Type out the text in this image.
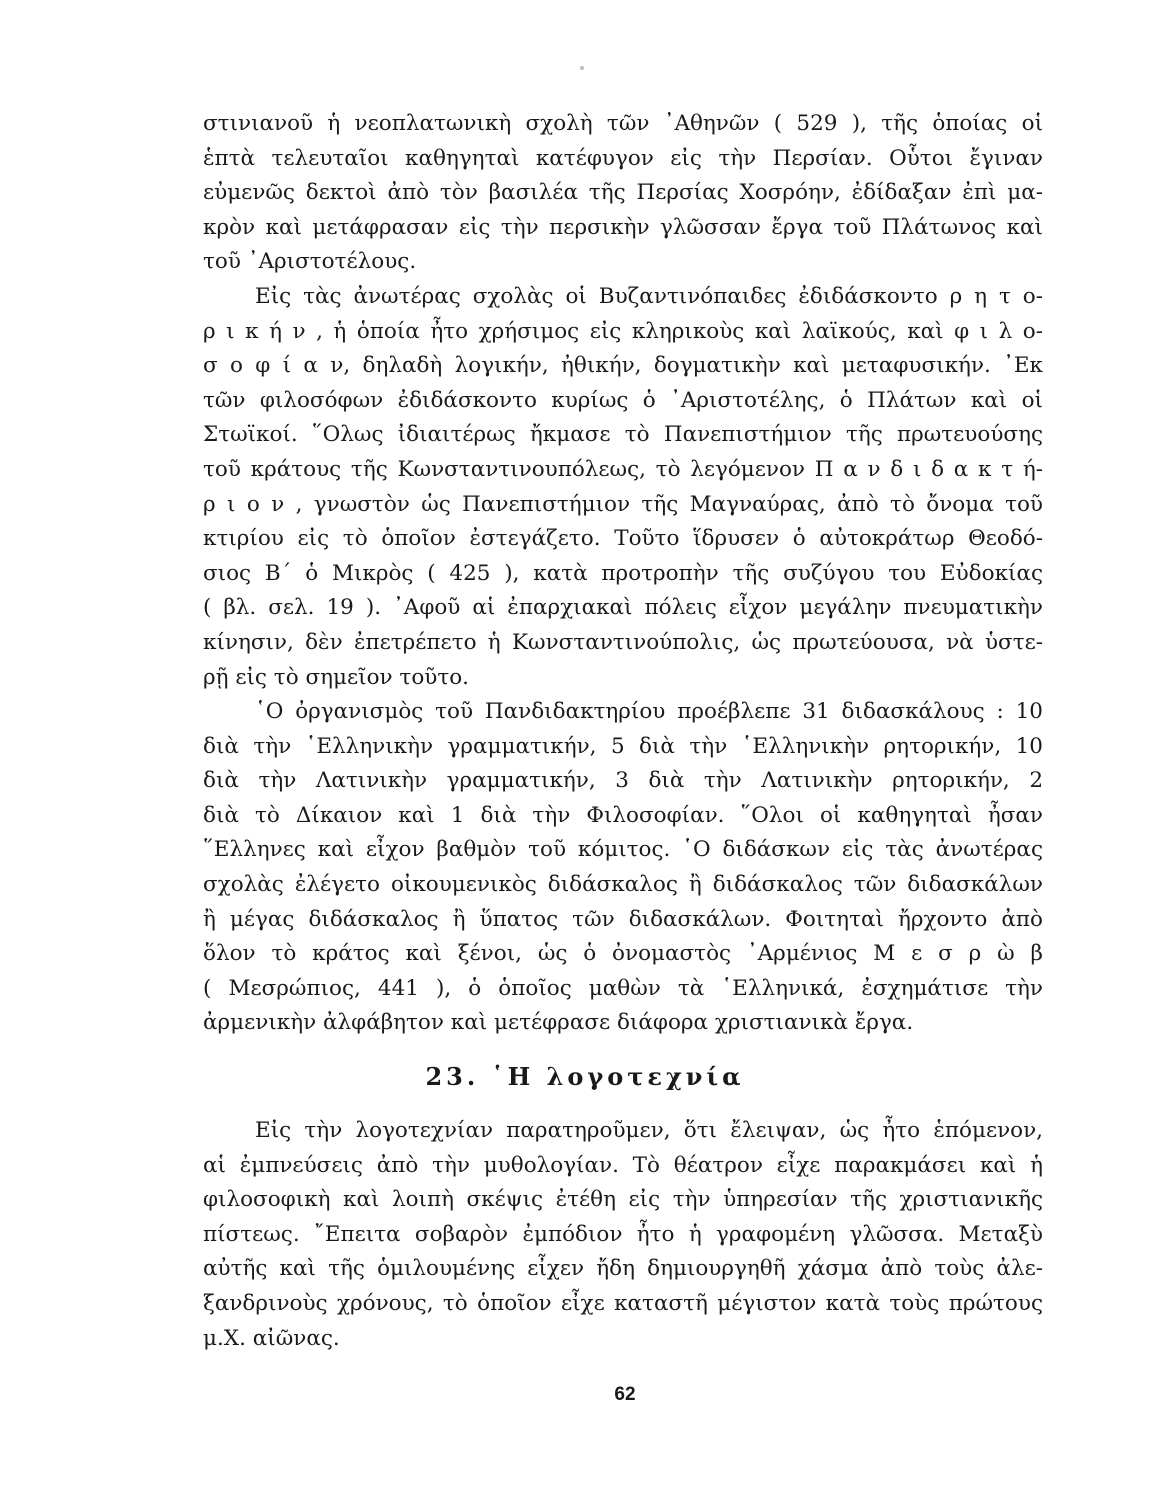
στινιανοῦ ἡ νεοπλατωνικὴ σχολὴ τῶν ᾿Αθηνῶν ( 529 ), τῆς ὁποίας οἱ
ἑπτὰ τελευταῖοι καθηγηταὶ κατέφυγον εἰς τὴν Περσίαν. Οὗτοι ἔγιναν
εὐμενῶς δεκτοὶ ἀπὸ τὸν βασιλέα τῆς Περσίας Χοσρόην, ἐδίδαξαν ἐπὶ μα-
κρὸν καὶ μετάφρασαν εἰς τὴν περσικὴν γλῶσσαν ἔργα τοῦ Πλάτωνος καὶ
τοῦ ᾿Αριστοτέλους.
Εἰς τὰς ἀνωτέρας σχολὰς οἱ Βυζαντινόπαιδες ἐδιδάσκοντο ρ η τ ο-
ρ ι κ ή ν , ἡ ὁποία ἦτο χρήσιμος εἰς κληρικοὺς καὶ λαϊκούς, καὶ φ ι λ ο-
σ ο φ ί α ν, δηλαδὴ λογικήν, ἠθικήν, δογματικὴν καὶ μεταφυσικήν. ᾿Εκ
τῶν φιλοσόφων ἐδιδάσκοντο κυρίως ὁ ᾿Αριστοτέλης, ὁ Πλάτων καὶ οἱ
Στωϊκοί. ῞Ολως ἰδιαιτέρως ἤκμασε τὸ Πανεπιστήμιον τῆς πρωτευούσης
τοῦ κράτους τῆς Κωνσταντινουπόλεως, τὸ λεγόμενον Π α ν δ ι δ α κ τ ή-
ρ ι ο ν , γνωστὸν ὡς Πανεπιστήμιον τῆς Μαγναύρας, ἀπὸ τὸ ὄνομα τοῦ
κτιρίου εἰς τὸ ὁποῖον ἐστεγάζετο. Τοῦτο ἵδρυσεν ὁ αὐτοκράτωρ Θεοδό-
σιος Β΄ ὁ Μικρὸς ( 425 ), κατὰ προτροπὴν τῆς συζύγου του Εὐδοκίας
( βλ. σελ. 19 ). ᾿Αφοῦ αἱ ἐπαρχιακαὶ πόλεις εἶχον μεγάλην πνευματικὴν
κίνησιν, δὲν ἐπετρέπετο ἡ Κωνσταντινούπολις, ὡς πρωτεύουσα, νὰ ὑστε-
ρῇ εἰς τὸ σημεῖον τοῦτο.
῾Ο ὀργανισμὸς τοῦ Πανδιδακτηρίου προέβλεπε 31 διδασκάλους : 10
διὰ τὴν ῾Ελληνικὴν γραμματικήν, 5 διὰ τὴν ῾Ελληνικὴν ρητορικήν, 10
διὰ τὴν Λατινικὴν γραμματικήν, 3 διὰ τὴν Λατινικὴν ρητορικήν, 2
διὰ τὸ Δίκαιον καὶ 1 διὰ τὴν Φιλοσοφίαν. ῞Ολοι οἱ καθηγηταὶ ἦσαν
῞Ελληνες καὶ εἶχον βαθμὸν τοῦ κόμιτος. ῾Ο διδάσκων εἰς τὰς ἀνωτέρας
σχολὰς ἐλέγετο οἰκουμενικὸς διδάσκαλος ἢ διδάσκαλος τῶν διδασκάλων
ἢ μέγας διδάσκαλος ἢ ὕπατος τῶν διδασκάλων. Φοιτηταὶ ἤρχοντο ἀπὸ
ὅλον τὸ κράτος καὶ ξένοι, ὡς ὁ ὀνομαστὸς ᾿Αρμένιος Μ ε σ ρ ὼ β
( Μεσρώπιος, 441 ), ὁ ὁποῖος μαθὼν τὰ ῾Ελληνικά, ἐσχημάτισε τὴν
ἀρμενικὴν ἀλφάβητον καὶ μετέφρασε διάφορα χριστιανικὰ ἔργα.
23. ῾Η λογοτεχνία
Εἰς τὴν λογοτεχνίαν παρατηροῦμεν, ὅτι ἔλειψαν, ὡς ἦτο ἑπόμενον,
αἱ ἐμπνεύσεις ἀπὸ τὴν μυθολογίαν. Τὸ θέατρον εἶχε παρακμάσει καὶ ἡ
φιλοσοφικὴ καὶ λοιπὴ σκέψις ἐτέθη εἰς τὴν ὑπηρεσίαν τῆς χριστιανικῆς
πίστεως. ῎Επειτα σοβαρὸν ἐμπόδιον ἦτο ἡ γραφομένη γλῶσσα. Μεταξὺ
αὐτῆς καὶ τῆς ὁμιλουμένης εἶχεν ἤδη δημιουργηθῆ χάσμα ἀπὸ τοὺς ἀλε-
ξανδρινοὺς χρόνους, τὸ ὁποῖον εἶχε καταστῆ μέγιστον κατὰ τοὺς πρώτους
μ.Χ. αἰῶνας.
62
